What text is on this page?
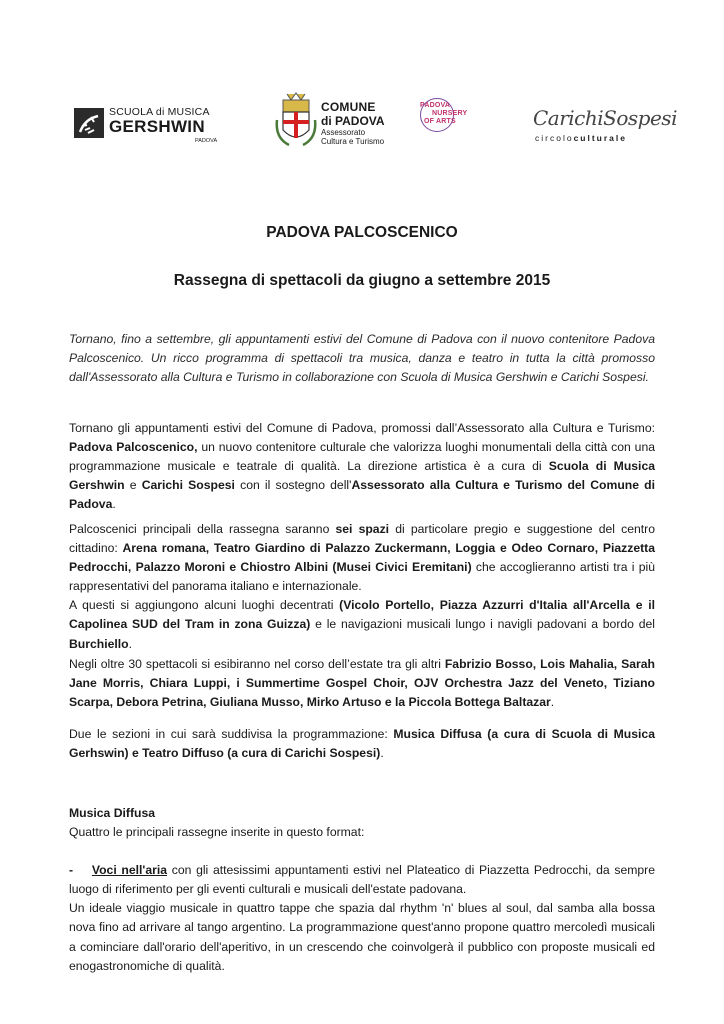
SCUOLA di MUSICA
GERSHWIN
PADOVA
COMUNE
di PADOVA
Assessorato
Cultura e Turismo
PADOVA
NURSERY
OF ARTS	CarichiSospesi
circoloculturale
PADOVA PALCOSCENICO
Rassegna di spettacoli da giugno a settembre 2015
Tornano, fino a settembre, gli appuntamenti estivi del Comune di Padova con il nuovo contenitore Padova Palcoscenico. Un ricco programma di spettacoli tra musica, danza e teatro in tutta la città promosso dall'Assessorato alla Cultura e Turismo in collaborazione con Scuola di Musica Gershwin e Carichi Sospesi.
Tornano gli appuntamenti estivi del Comune di Padova, promossi dall’Assessorato alla Cultura e Turismo: Padova Palcoscenico, un nuovo contenitore culturale che valorizza luoghi monumentali della città con una programmazione musicale e teatrale di qualità. La direzione artistica è a cura di Scuola di Musica Gershwin e Carichi Sospesi con il sostegno dell'Assessorato alla Cultura e Turismo del Comune di Padova.

Palcoscenici principali della rassegna saranno sei spazi di particolare pregio e suggestione del centro cittadino: Arena romana, Teatro Giardino di Palazzo Zuckermann, Loggia e Odeo Cornaro, Piazzetta Pedrocchi, Palazzo Moroni e Chiostro Albini (Musei Civici Eremitani) che accoglieranno artisti tra i più rappresentativi del panorama italiano e internazionale.

A questi si aggiungono alcuni luoghi decentrati (Vicolo Portello, Piazza Azzurri d'Italia all'Arcella e il Capolinea SUD del Tram in zona Guizza) e le navigazioni musicali lungo i navigli padovani a bordo del Burchiello.

Negli oltre 30 spettacoli si esibiranno nel corso dell’estate tra gli altri Fabrizio Bosso, Lois Mahalia, Sarah Jane Morris, Chiara Luppi, i Summertime Gospel Choir, OJV Orchestra Jazz del Veneto, Tiziano Scarpa, Debora Petrina, Giuliana Musso, Mirko Artuso e la Piccola Bottega Baltazar.
Due le sezioni in cui sarà suddivisa la programmazione: Musica Diffusa (a cura di Scuola di Musica Gerhswin) e Teatro Diffuso (a cura di Carichi Sospesi).

Musica Diffusa

Quattro le principali rassegne inserite in questo format:

- Voci nell'aria con gli attesissimi appuntamenti estivi nel Plateatico di Piazzetta Pedrocchi, da sempre luogo di riferimento per gli eventi culturali e musicali dell'estate padovana.

Un ideale viaggio musicale in quattro tappe che spazia dal rhythm 'n' blues al soul, dal samba alla bossa nova fino ad arrivare al tango argentino. La programmazione quest'anno propone quattro mercoledì musicali a cominciare dall'orario dell'aperitivo, in un crescendo che coinvolgerà il pubblico con proposte musicali ed enogastronomiche di qualità.
